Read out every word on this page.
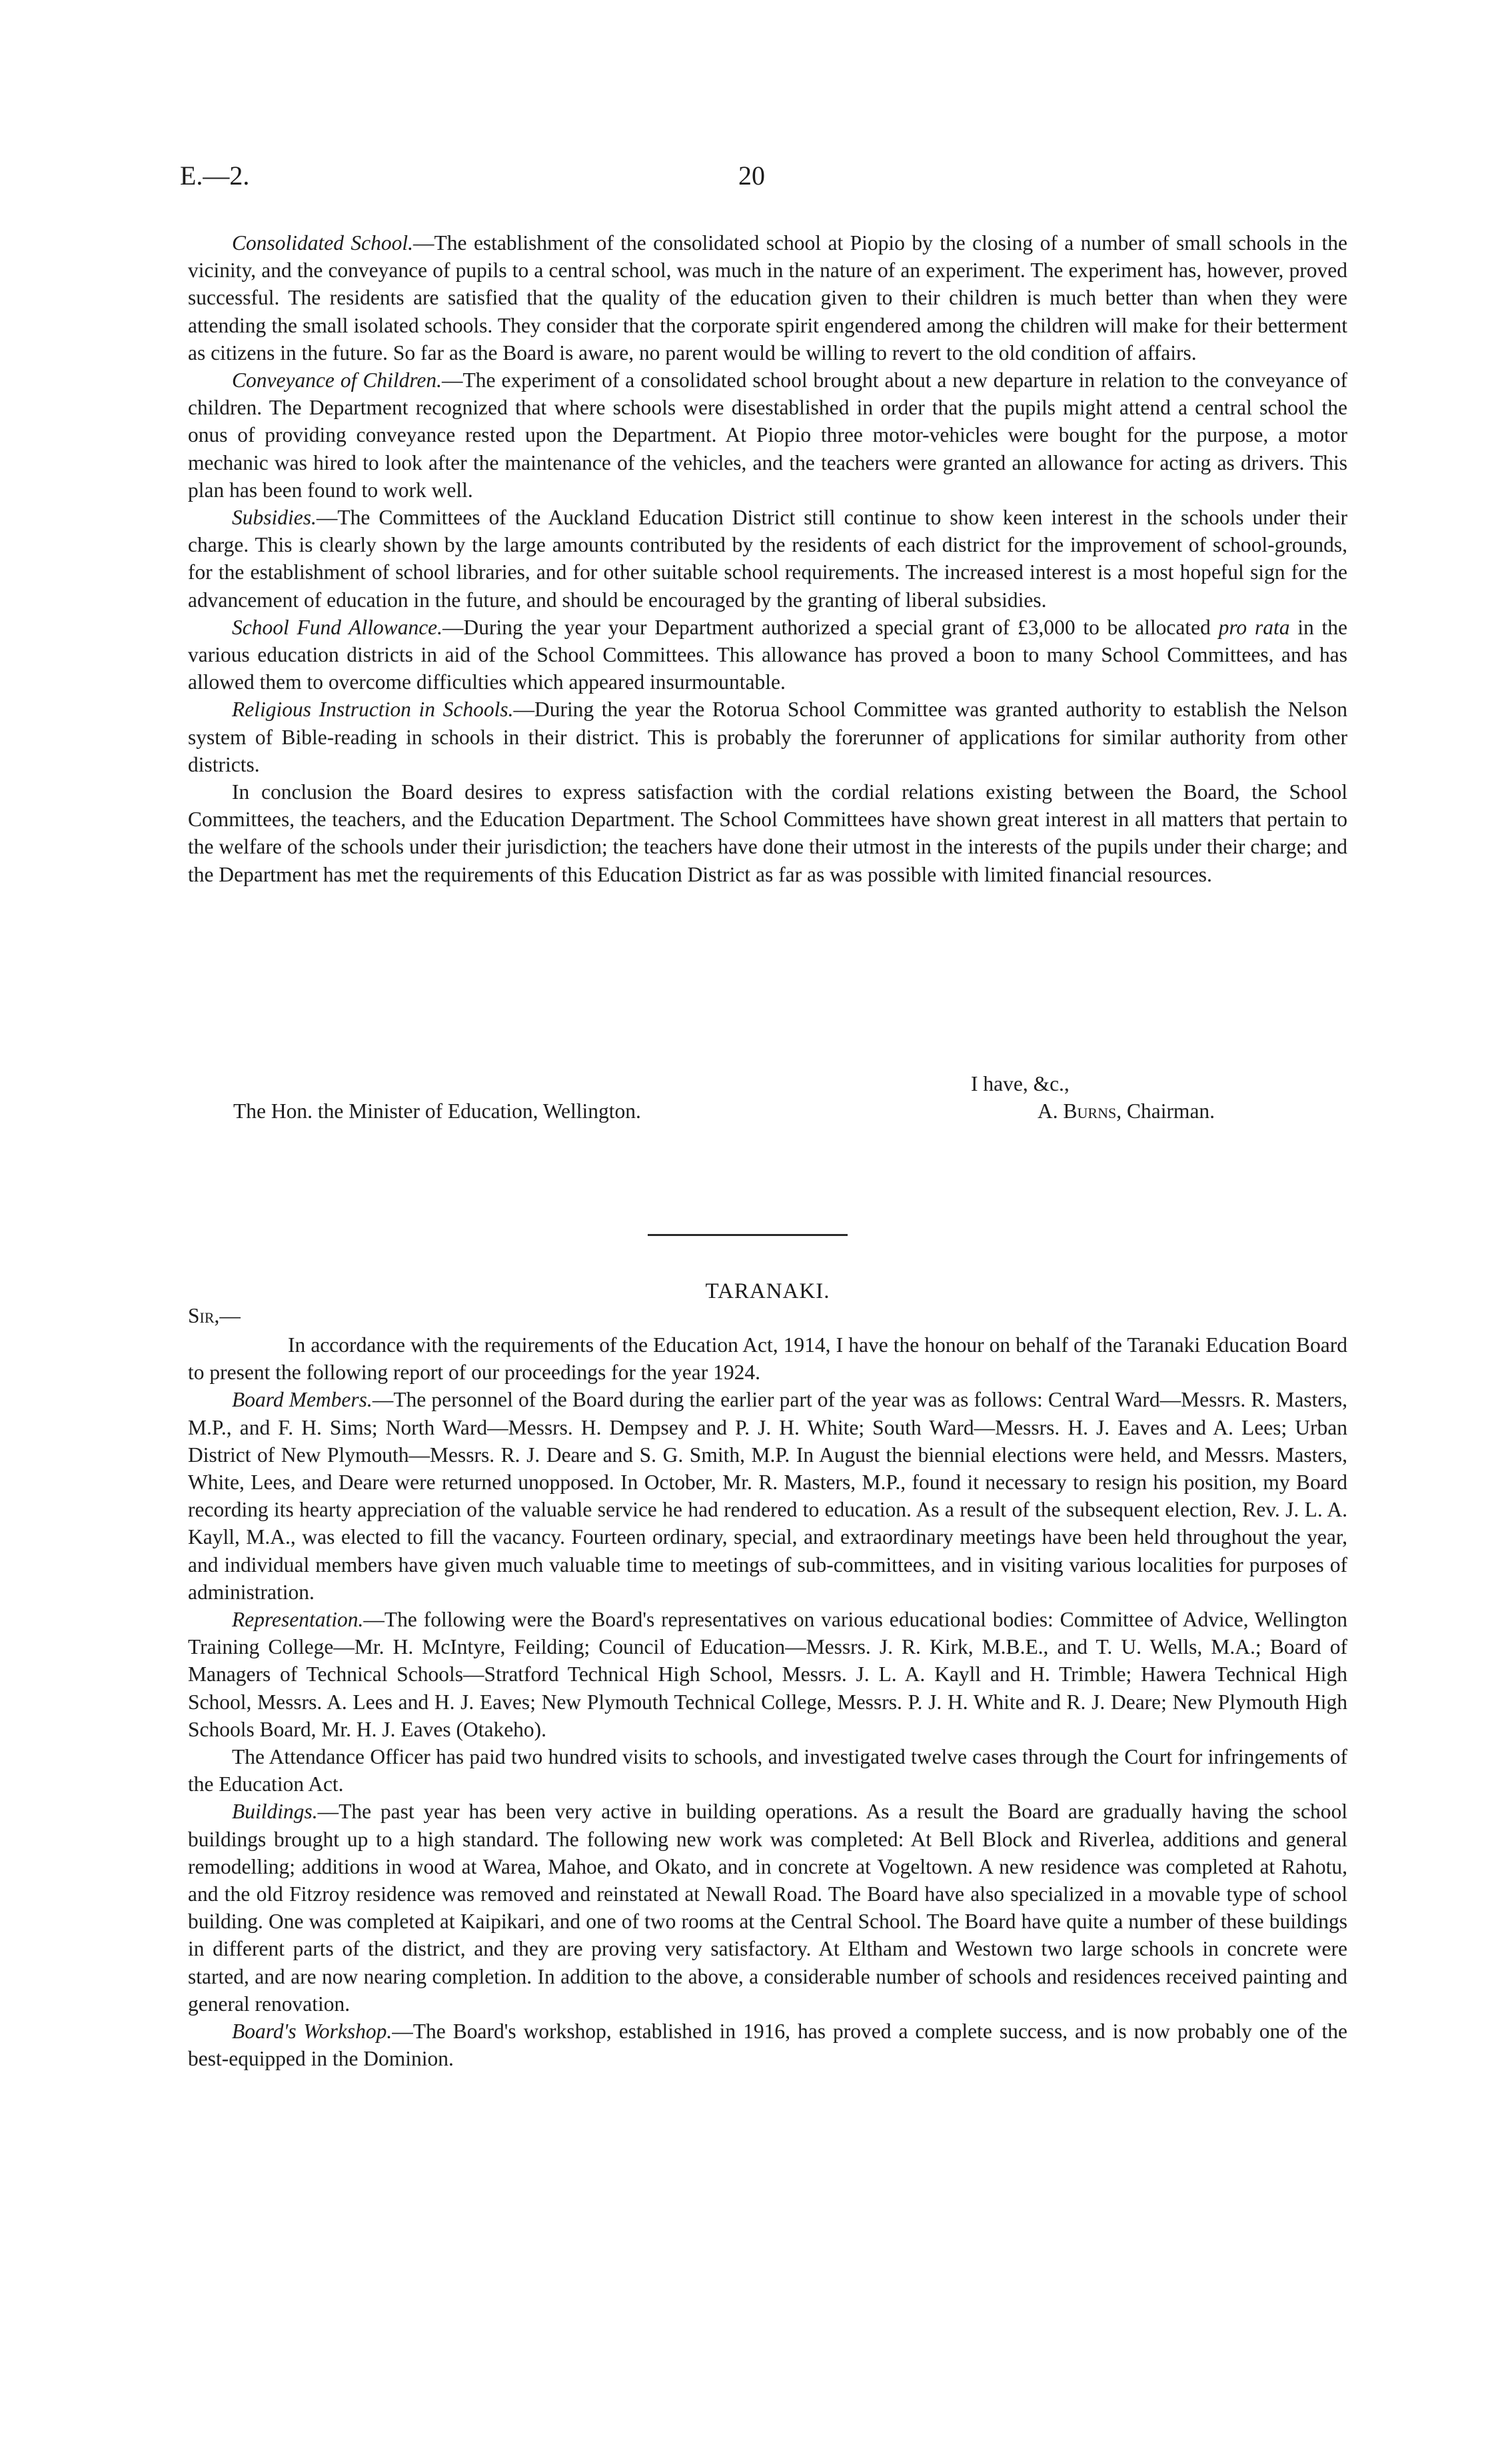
E.—2.	20

Consolidated School.—The establishment of the consolidated school at Piopio by the closing of a number of small schools in the vicinity, and the conveyance of pupils to a central school, was much in the nature of an experiment. The experiment has, however, proved successful. The residents are satisfied that the quality of the education given to their children is much better than when they were attending the small isolated schools. They consider that the corporate spirit engendered among the children will make for their betterment as citizens in the future. So far as the Board is aware, no parent would be willing to revert to the old condition of affairs.

Conveyance of Children.—The experiment of a consolidated school brought about a new departure in relation to the conveyance of children. The Department recognized that where schools were disestablished in order that the pupils might attend a central school the onus of providing conveyance rested upon the Department. At Piopio three motor-vehicles were bought for the purpose, a motor mechanic was hired to look after the maintenance of the vehicles, and the teachers were granted an allowance for acting as drivers. This plan has been found to work well.

Subsidies.—The Committees of the Auckland Education District still continue to show keen interest in the schools under their charge. This is clearly shown by the large amounts contributed by the residents of each district for the improvement of school-grounds, for the establishment of school libraries, and for other suitable school requirements. The increased interest is a most hopeful sign for the advancement of education in the future, and should be encouraged by the granting of liberal subsidies.

School Fund Allowance.—During the year your Department authorized a special grant of £3,000 to be allocated pro rata in the various education districts in aid of the School Committees. This allowance has proved a boon to many School Committees, and has allowed them to overcome difficulties which appeared insurmountable.

Religious Instruction in Schools.—During the year the Rotorua School Committee was granted authority to establish the Nelson system of Bible-reading in schools in their district. This is probably the forerunner of applications for similar authority from other districts.

In conclusion the Board desires to express satisfaction with the cordial relations existing between the Board, the School Committees, the teachers, and the Education Department. The School Committees have shown great interest in all matters that pertain to the welfare of the schools under their jurisdiction; the teachers have done their utmost in the interests of the pupils under their charge; and the Department has met the requirements of this Education District as far as was possible with limited financial resources.

I have, &c.,
The Hon. the Minister of Education, Wellington.	A. Burns, Chairman.
TARANAKI.
Sir,—

In accordance with the requirements of the Education Act, 1914, I have the honour on behalf of the Taranaki Education Board to present the following report of our proceedings for the year 1924.

Board Members.—The personnel of the Board during the earlier part of the year was as follows: Central Ward—Messrs. R. Masters, M.P., and F. H. Sims; North Ward—Messrs. H. Dempsey and P. J. H. White; South Ward—Messrs. H. J. Eaves and A. Lees; Urban District of New Plymouth—Messrs. R. J. Deare and S. G. Smith, M.P. In August the biennial elections were held, and Messrs. Masters, White, Lees, and Deare were returned unopposed. In October, Mr. R. Masters, M.P., found it necessary to resign his position, my Board recording its hearty appreciation of the valuable service he had rendered to education. As a result of the subsequent election, Rev. J. L. A. Kayll, M.A., was elected to fill the vacancy. Fourteen ordinary, special, and extraordinary meetings have been held throughout the year, and individual members have given much valuable time to meetings of sub-committees, and in visiting various localities for purposes of administration.

Representation.—The following were the Board's representatives on various educational bodies: Committee of Advice, Wellington Training College—Mr. H. McIntyre, Feilding; Council of Education—Messrs. J. R. Kirk, M.B.E., and T. U. Wells, M.A.; Board of Managers of Technical Schools—Stratford Technical High School, Messrs. J. L. A. Kayll and H. Trimble; Hawera Technical High School, Messrs. A. Lees and H. J. Eaves; New Plymouth Technical College, Messrs. P. J. H. White and R. J. Deare; New Plymouth High Schools Board, Mr. H. J. Eaves (Otakeho).

The Attendance Officer has paid two hundred visits to schools, and investigated twelve cases through the Court for infringements of the Education Act.

Buildings.—The past year has been very active in building operations. As a result the Board are gradually having the school buildings brought up to a high standard. The following new work was completed: At Bell Block and Riverlea, additions and general remodelling; additions in wood at Warea, Mahoe, and Okato, and in concrete at Vogeltown. A new residence was completed at Rahotu, and the old Fitzroy residence was removed and reinstated at Newall Road. The Board have also specialized in a movable type of school building. One was completed at Kaipikari, and one of two rooms at the Central School. The Board have quite a number of these buildings in different parts of the district, and they are proving very satisfactory. At Eltham and Westown two large schools in concrete were started, and are now nearing completion. In addition to the above, a considerable number of schools and residences received painting and general renovation.

Board's Workshop.—The Board's workshop, established in 1916, has proved a complete success, and is now probably one of the best-equipped in the Dominion.
